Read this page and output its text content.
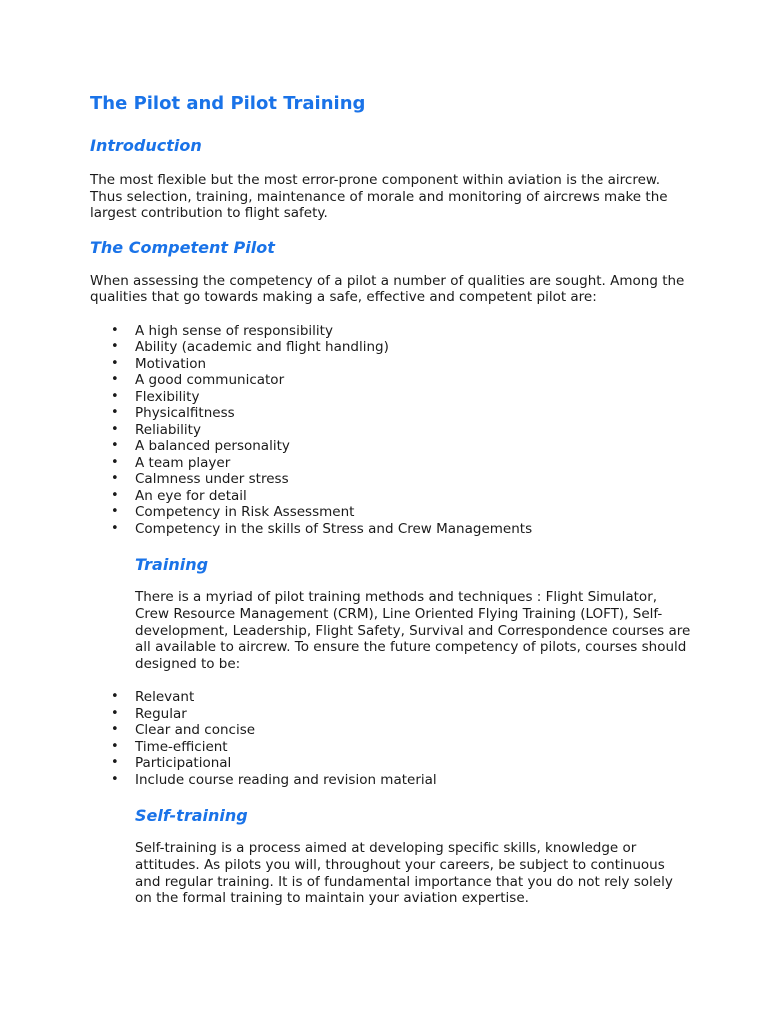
The Pilot and Pilot Training
Introduction

The most flexible but the most error-prone component within aviation is the aircrew. Thus selection, training, maintenance of morale and monitoring of aircrews make the largest contribution to flight safety.

The Competent Pilot

When assessing the competency of a pilot a number of qualities are sought. Among the qualities that go towards making a safe, effective and competent pilot are:

• A high sense of responsibility
• Ability (academic and flight handling)
• Motivation
• A good communicator
• Flexibility
• Physicalfitness
• Reliability
• A balanced personality
• A team player
• Calmness under stress
• An eye for detail
• Competency in Risk Assessment
• Competency in the skills of Stress and Crew Managements
Training

There is a myriad of pilot training methods and techniques : Flight Simulator, Crew Resource Management (CRM), Line Oriented Flying Training (LOFT), Self-development, Leadership, Flight Safety, Survival and Correspondence courses are all available to aircrew. To ensure the future competency of pilots, courses should designed to be:

• Relevant
• Regular
• Clear and concise
• Time-efficient
• Participational
• Include course reading and revision material
Self-training

Self-training is a process aimed at developing specific skills, knowledge or attitudes. As pilots you will, throughout your careers, be subject to continuous and regular training. It is of fundamental importance that you do not rely solely on the formal training to maintain your aviation expertise.
